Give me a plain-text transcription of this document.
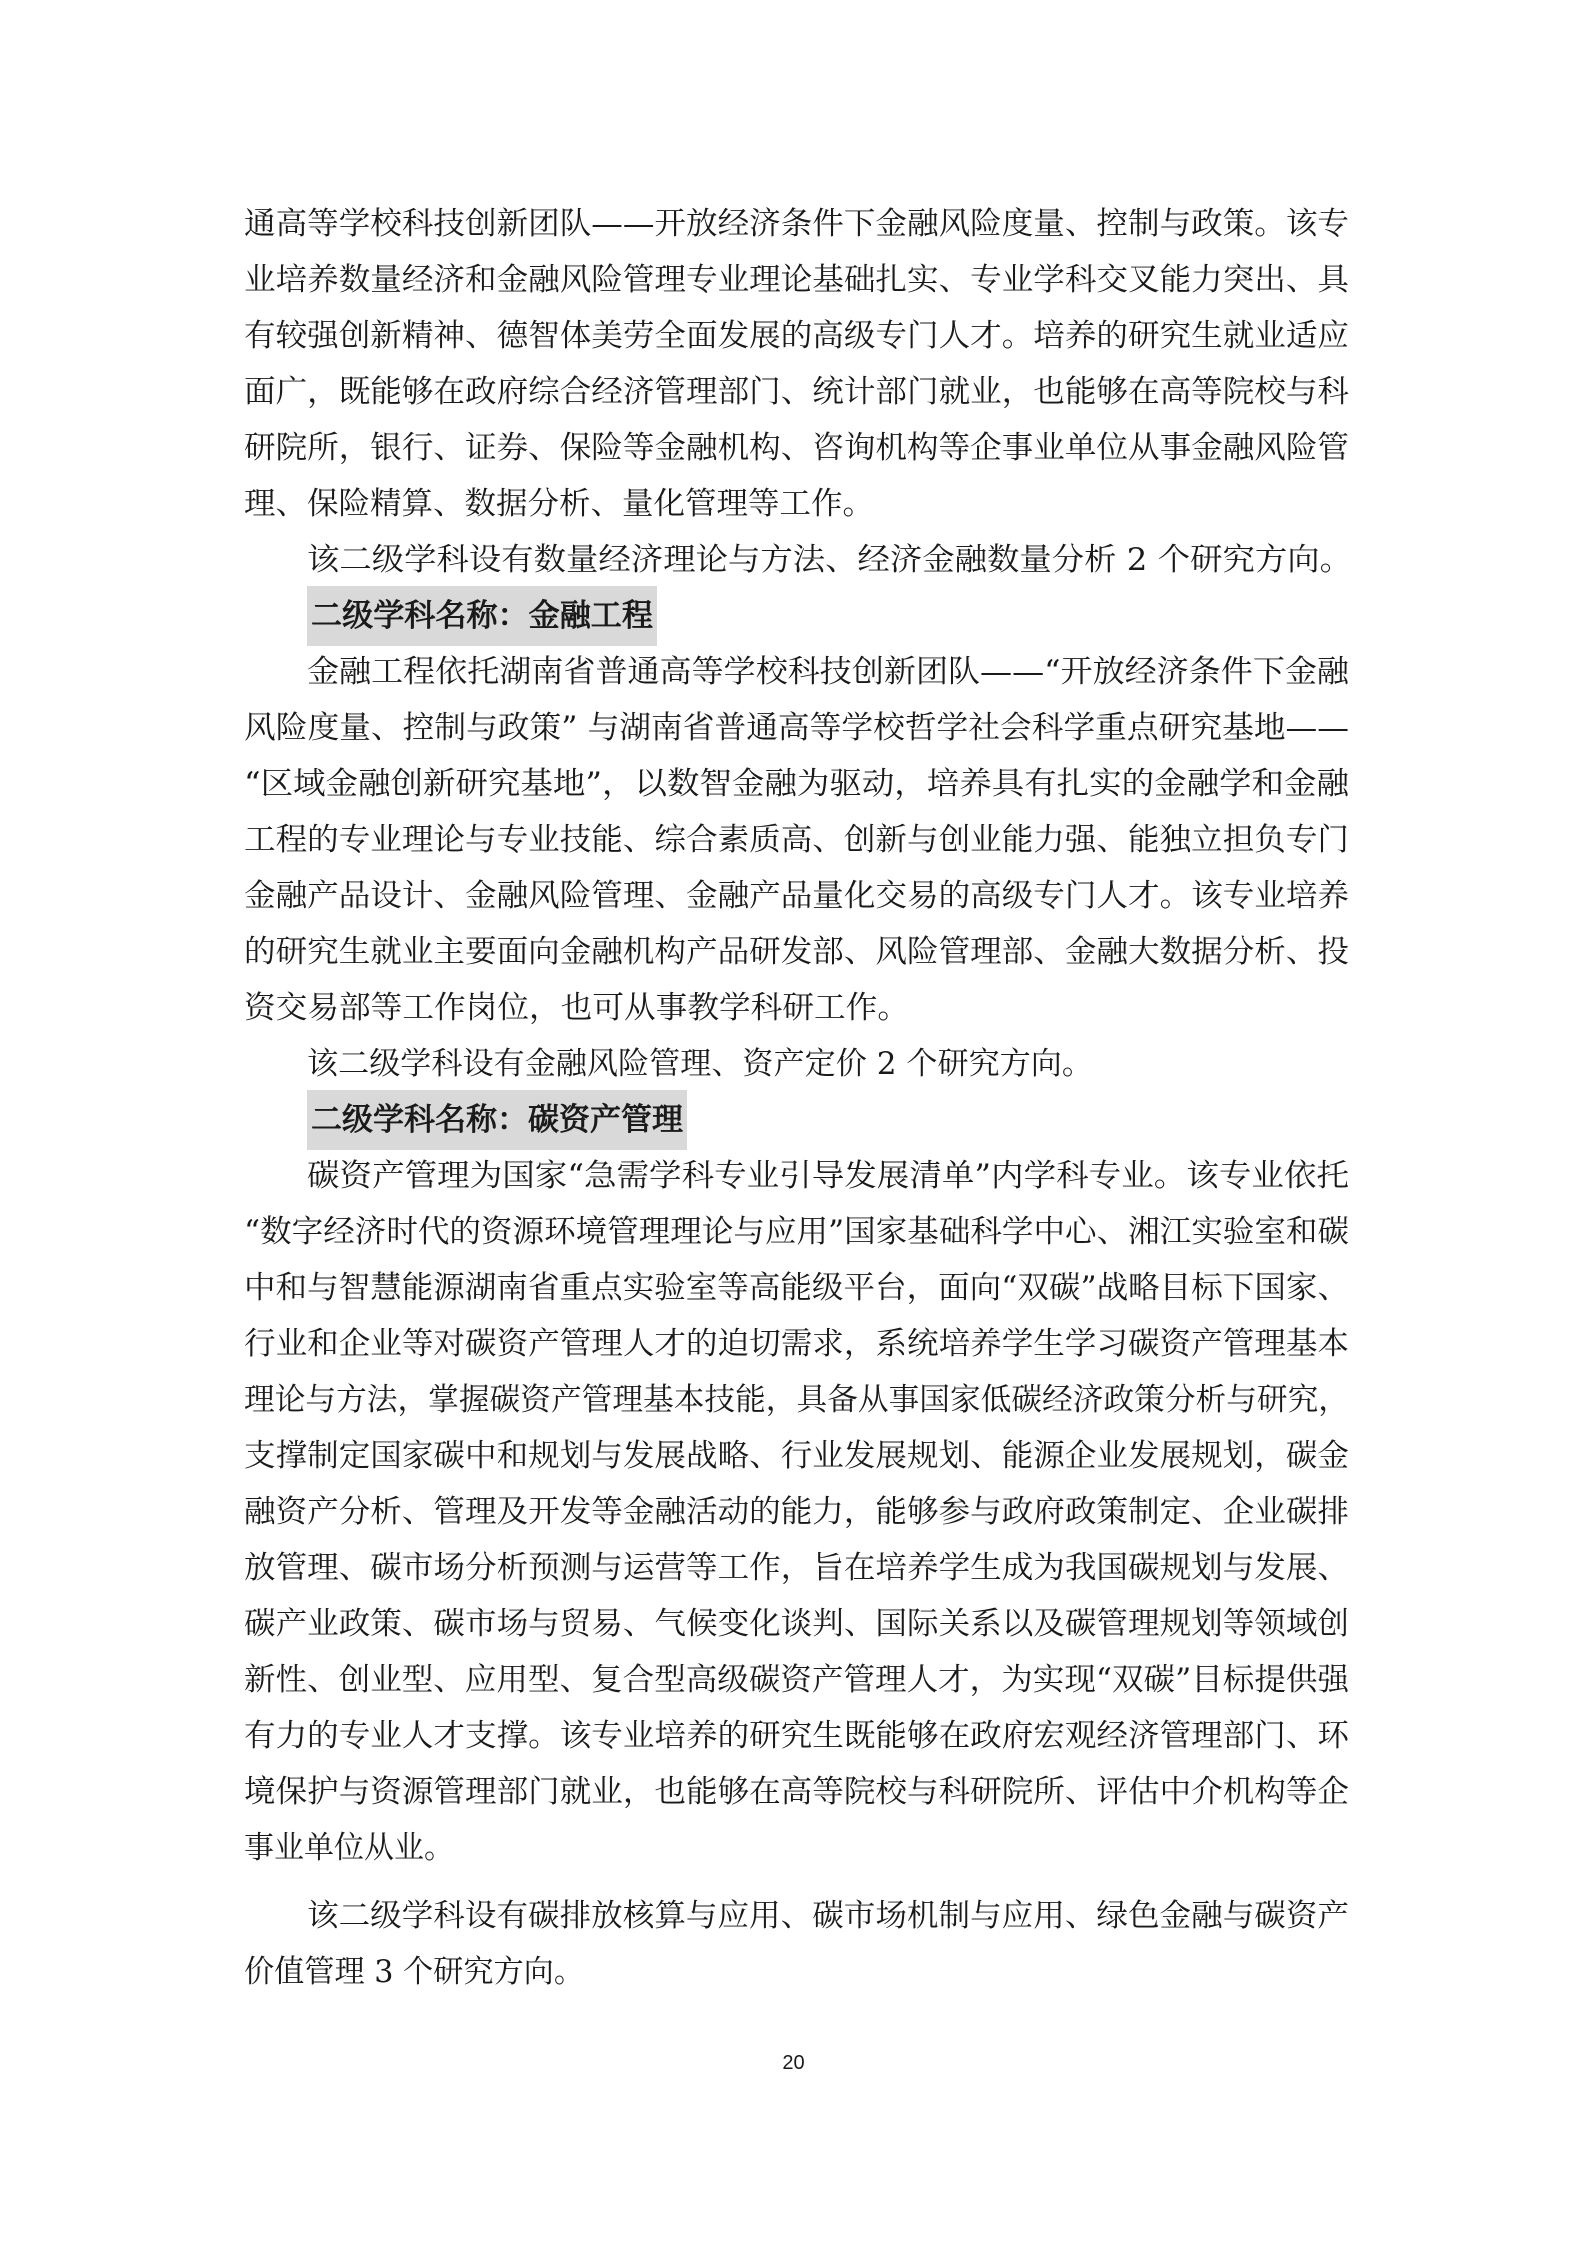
通高等学校科技创新团队——开放经济条件下金融风险度量、控制与政策。该专
业培养数量经济和金融风险管理专业理论基础扎实、专业学科交叉能力突出、具
有较强创新精神、德智体美劳全面发展的高级专门人才。培养的研究生就业适应
面广，既能够在政府综合经济管理部门、统计部门就业，也能够在高等院校与科
研院所，银行、证券、保险等金融机构、咨询机构等企事业单位从事金融风险管
理、保险精算、数据分析、量化管理等工作。
该二级学科设有数量经济理论与方法、经济金融数量分析 2 个研究方向。
二级学科名称：金融工程
金融工程依托湖南省普通高等学校科技创新团队——“开放经济条件下金融
风险度量、控制与政策” 与湖南省普通高等学校哲学社会科学重点研究基地——
“区域金融创新研究基地”，以数智金融为驱动，培养具有扎实的金融学和金融
工程的专业理论与专业技能、综合素质高、创新与创业能力强、能独立担负专门
金融产品设计、金融风险管理、金融产品量化交易的高级专门人才。该专业培养
的研究生就业主要面向金融机构产品研发部、风险管理部、金融大数据分析、投
资交易部等工作岗位，也可从事教学科研工作。
该二级学科设有金融风险管理、资产定价 2 个研究方向。
二级学科名称：碳资产管理
碳资产管理为国家“急需学科专业引导发展清单”内学科专业。该专业依托
“数字经济时代的资源环境管理理论与应用”国家基础科学中心、湘江实验室和碳
中和与智慧能源湖南省重点实验室等高能级平台，面向“双碳”战略目标下国家、
行业和企业等对碳资产管理人才的迫切需求，系统培养学生学习碳资产管理基本
理论与方法，掌握碳资产管理基本技能，具备从事国家低碳经济政策分析与研究，
支撑制定国家碳中和规划与发展战略、行业发展规划、能源企业发展规划，碳金
融资产分析、管理及开发等金融活动的能力，能够参与政府政策制定、企业碳排
放管理、碳市场分析预测与运营等工作，旨在培养学生成为我国碳规划与发展、
碳产业政策、碳市场与贸易、气候变化谈判、国际关系以及碳管理规划等领域创
新性、创业型、应用型、复合型高级碳资产管理人才，为实现“双碳”目标提供强
有力的专业人才支撑。该专业培养的研究生既能够在政府宏观经济管理部门、环
境保护与资源管理部门就业，也能够在高等院校与科研院所、评估中介机构等企
事业单位从业。
该二级学科设有碳排放核算与应用、碳市场机制与应用、绿色金融与碳资产
价值管理 3 个研究方向。
20
